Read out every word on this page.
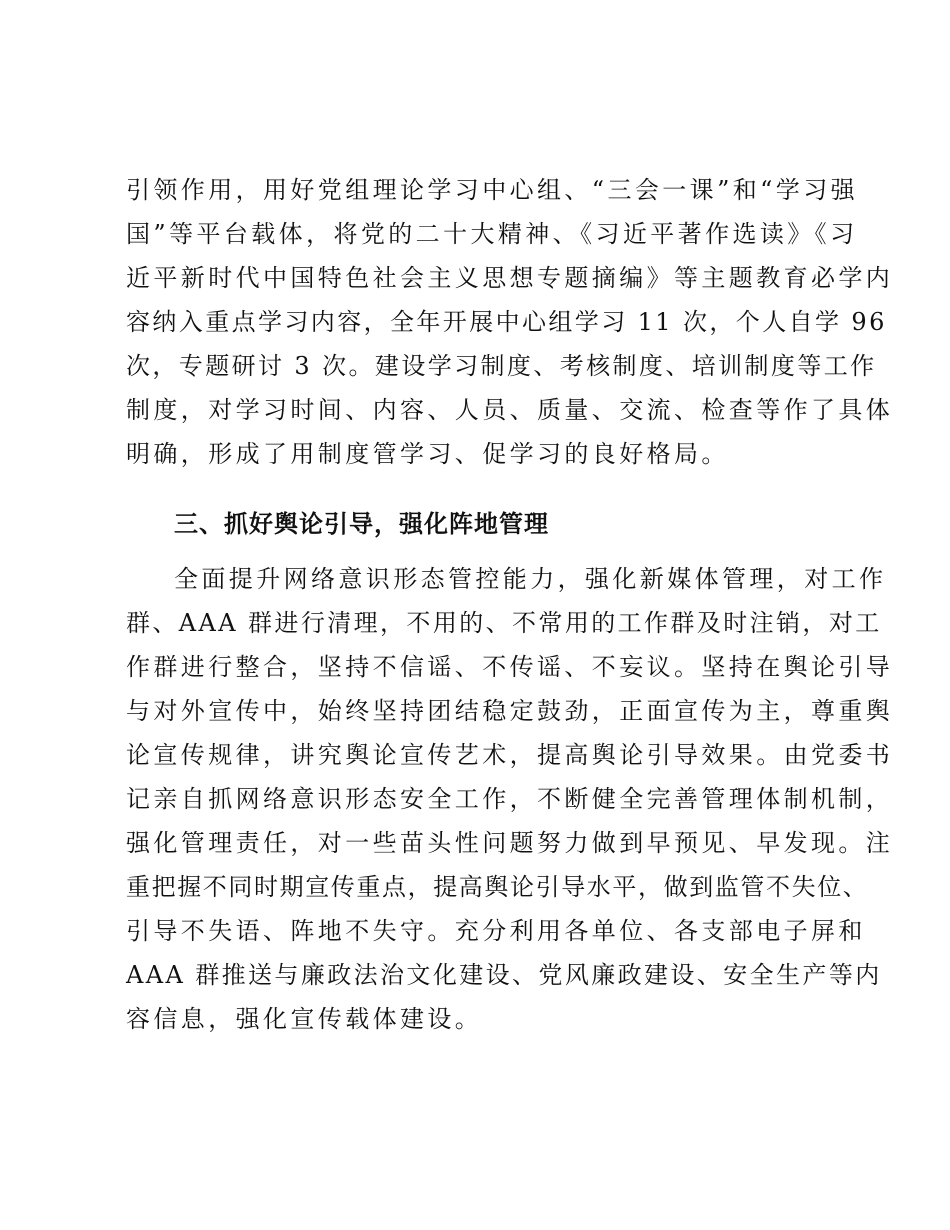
引领作用，用好党组理论学习中心组、“三会一课”和“学习强
国”等平台载体，将党的二十大精神、《习近平著作选读》《习
近平新时代中国特色社会主义思想专题摘编》等主题教育必学内
容纳入重点学习内容，全年开展中心组学习 11 次，个人自学 96
次，专题研讨 3 次。建设学习制度、考核制度、培训制度等工作
制度，对学习时间、内容、人员、质量、交流、检查等作了具体
明确，形成了用制度管学习、促学习的良好格局。
三、抓好舆论引导，强化阵地管理
全面提升网络意识形态管控能力，强化新媒体管理，对工作
群、AAA 群进行清理，不用的、不常用的工作群及时注销，对工
作群进行整合，坚持不信谣、不传谣、不妄议。坚持在舆论引导
与对外宣传中，始终坚持团结稳定鼓劲，正面宣传为主，尊重舆
论宣传规律，讲究舆论宣传艺术，提高舆论引导效果。由党委书
记亲自抓网络意识形态安全工作，不断健全完善管理体制机制，
强化管理责任，对一些苗头性问题努力做到早预见、早发现。注
重把握不同时期宣传重点，提高舆论引导水平，做到监管不失位、
引导不失语、阵地不失守。充分利用各单位、各支部电子屏和
AAA 群推送与廉政法治文化建设、党风廉政建设、安全生产等内
容信息，强化宣传载体建设。
